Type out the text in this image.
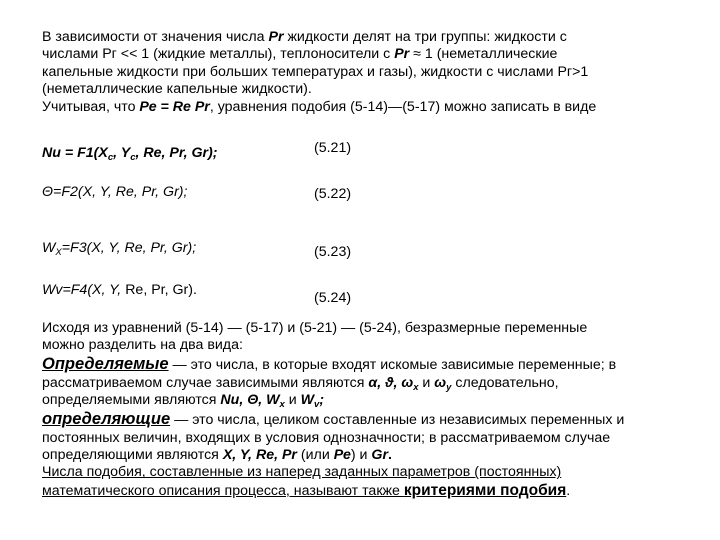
В зависимости от значения числа Pr жидкости делят на три группы: жидкости с

числами Рг << 1 (жидкие металлы), теплоносители с Pr ≈ 1 (неметаллические

капельные жидкости при больших температурах и газы), жидкости с числами Рг>1

(неметаллические капельные жидкости).

Учитывая, что Ре = Re Pr, уравнения подобия (5-14)—(5-17) можно записать в виде

$Nu = F1(X_c$, $Y_c$, Re, Pr, Gr);	(5.21)
Θ=F2(X, Y, Re, Pr, Gr);	(5.22)
$W_X=F3(X$, Y, Re, Pr, Gr);	(5.23)
Wv=F4(X, Y, Re, Pr, Gr).	(5.24)

Исходя из уравнений (5-14) — (5-17) и (5-21) — (5-24), безразмерные переменные

можно разделить на два вида:

Определяемые — это числа, в которые входят искомые зависимые переменные; в

рассматриваемом случае зависимыми являются α, ϑ, $\omega_x$ и $\omega_y$ следовательно,

определяемыми являются Nu, Θ, $W_x$ и $W_v$;

определяющие — это числа, целиком составленные из независимых переменных и

постоянных величин, входящих в условия однозначности; в рассматриваемом случае

определяющими являются X, Y, Re, Pr (или Ре) и Gr.

Числа подобия, составленные из наперед заданных параметров (постоянных)

математического описания процесса, называют также критериями подобия.
